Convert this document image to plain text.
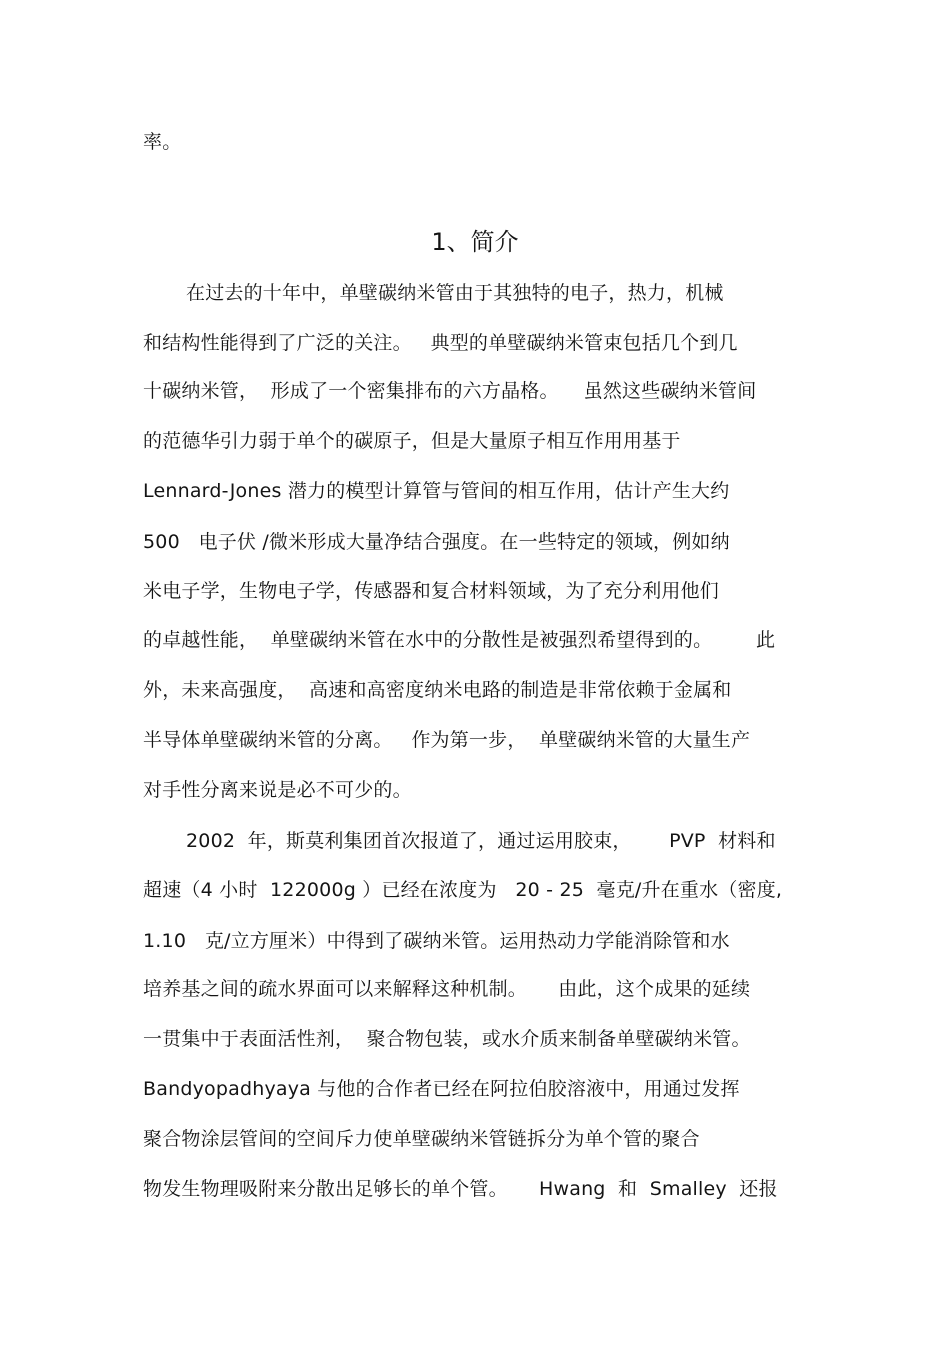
率。
1、简介
在过去的十年中，单壁碳纳米管由于其独特的电子，热力，机械
和结构性能得到了广泛的关注。   典型的单壁碳纳米管束包括几个到几
十碳纳米管，  形成了一个密集排布的六方晶格。    虽然这些碳纳米管间
的范德华引力弱于单个的碳原子，但是大量原子相互作用用基于
Lennard-Jones 潜力的模型计算管与管间的相互作用，估计产生大约
500   电子伏 /微米形成大量净结合强度。在一些特定的领域，例如纳
米电子学，生物电子学，传感器和复合材料领域，为了充分利用他们
的卓越性能，  单壁碳纳米管在水中的分散性是被强烈希望得到的。       此
外，未来高强度，  高速和高密度纳米电路的制造是非常依赖于金属和
半导体单壁碳纳米管的分离。   作为第一步，  单壁碳纳米管的大量生产
对手性分离来说是必不可少的。
2002  年，斯莫利集团首次报道了，通过运用胶束，      PVP  材料和
超速（4 小时  122000g ）已经在浓度为   20 - 25  毫克/升在重水（密度,
1.10   克/立方厘米）中得到了碳纳米管。运用热动力学能消除管和水
培养基之间的疏水界面可以来解释这种机制。     由此，这个成果的延续
一贯集中于表面活性剂，  聚合物包装，或水介质来制备单壁碳纳米管。
Bandyopadhyaya 与他的合作者已经在阿拉伯胶溶液中，用通过发挥
聚合物涂层管间的空间斥力使单壁碳纳米管链拆分为单个管的聚合
物发生物理吸附来分散出足够长的单个管。     Hwang  和  Smalley  还报
